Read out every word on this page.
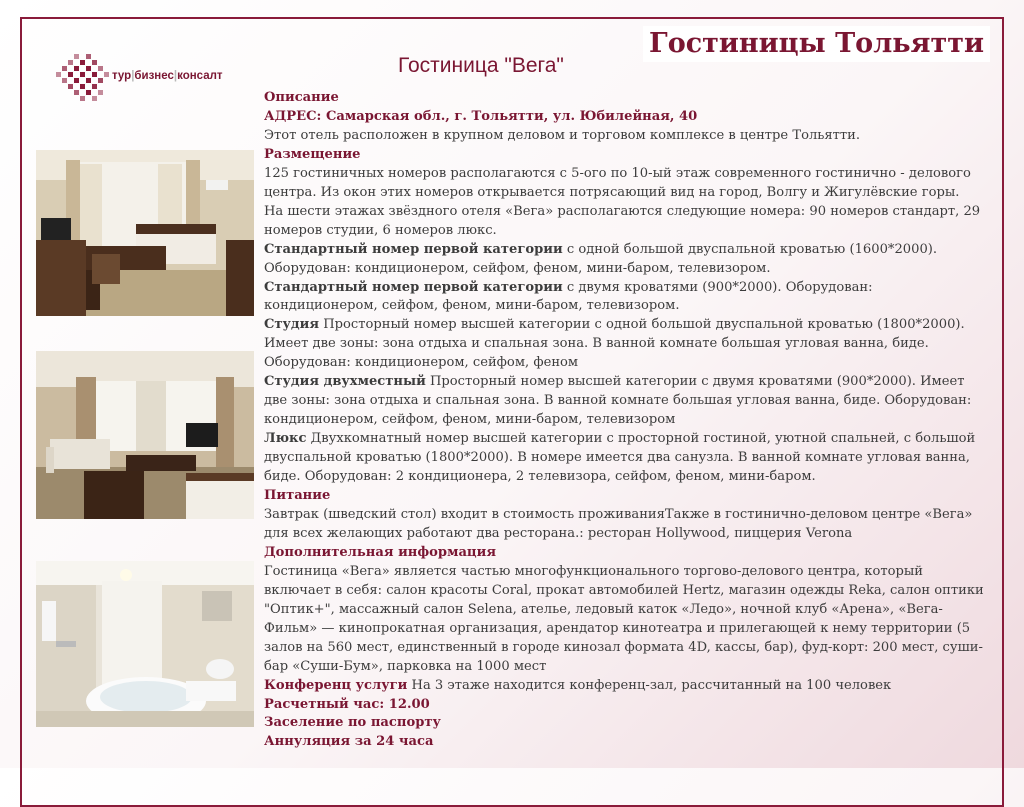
Гостиницы Тольятти
Гостиница "Вега"
тур|бизнес|консалт

Описание

АДРЕС: Самарская обл., г. Тольятти, ул. Юбилейная, 40

Этот отель расположен в крупном деловом и торговом комплексе в центре Тольятти.

Размещение

125 гостиничных номеров располагаются с 5-ого по 10-ый этаж современного гостинично - делового центра. Из окон этих номеров открывается потрясающий вид на город, Волгу и Жигулёвские горы.

На шести этажах звёздного отеля «Вега» располагаются следующие номера: 90 номеров стандарт, 29 номеров студии, 6 номеров люкс.

Стандартный номер первой категории с одной большой двуспальной кроватью (1600*2000). Оборудован: кондиционером, сейфом, феном, мини-баром, телевизором.

Стандартный номер первой категории с двумя кроватями (900*2000). Оборудован: кондиционером, сейфом, феном, мини-баром, телевизором.

Студия Просторный номер высшей категории с одной большой двуспальной кроватью (1800*2000). Имеет две зоны: зона отдыха и спальная зона. В ванной комнате большая угловая ванна, биде. Оборудован: кондиционером, сейфом, феном

Студия двухместный Просторный номер высшей категории с двумя кроватями (900*2000). Имеет две зоны: зона отдыха и спальная зона. В ванной комнате большая угловая ванна, биде. Оборудован: кондиционером, сейфом, феном, мини-баром, телевизором

Люкс Двухкомнатный номер высшей категории с просторной гостиной, уютной спальней, с большой двуспальной кроватью (1800*2000). В номере имеется два санузла. В ванной комнате угловая ванна, биде. Оборудован: 2 кондиционера, 2 телевизора, сейфом, феном, мини-баром.

Питание

Завтрак (шведский стол) входит в стоимость проживанияТакже в гостинично-деловом центре «Вега» для всех желающих работают два ресторана.: ресторан Hollywood, пиццерия Verona

Дополнительная информация

Гостиница «Вега» является частью многофункционального торгово-делового центра, который включает в себя: салон красоты Coral, прокат автомобилей Hertz, магазин одежды Reka, салон оптики "Оптик+", массажный салон Selena, ателье, ледовый каток «Ледо», ночной клуб «Арена», «Вега-Фильм» — кинопрокатная организация, арендатор кинотеатра и прилегающей к нему территории (5 залов на 560 мест, единственный в городе кинозал формата 4D, кассы, бар), фуд-корт: 200 мест, суши-бар «Суши-Бум», парковка на 1000 мест

Конференц услуги На 3 этаже находится конференц-зал, рассчитанный на 100 человек

Расчетный час: 12.00

Заселение по паспорту

Аннуляция за 24 часа
